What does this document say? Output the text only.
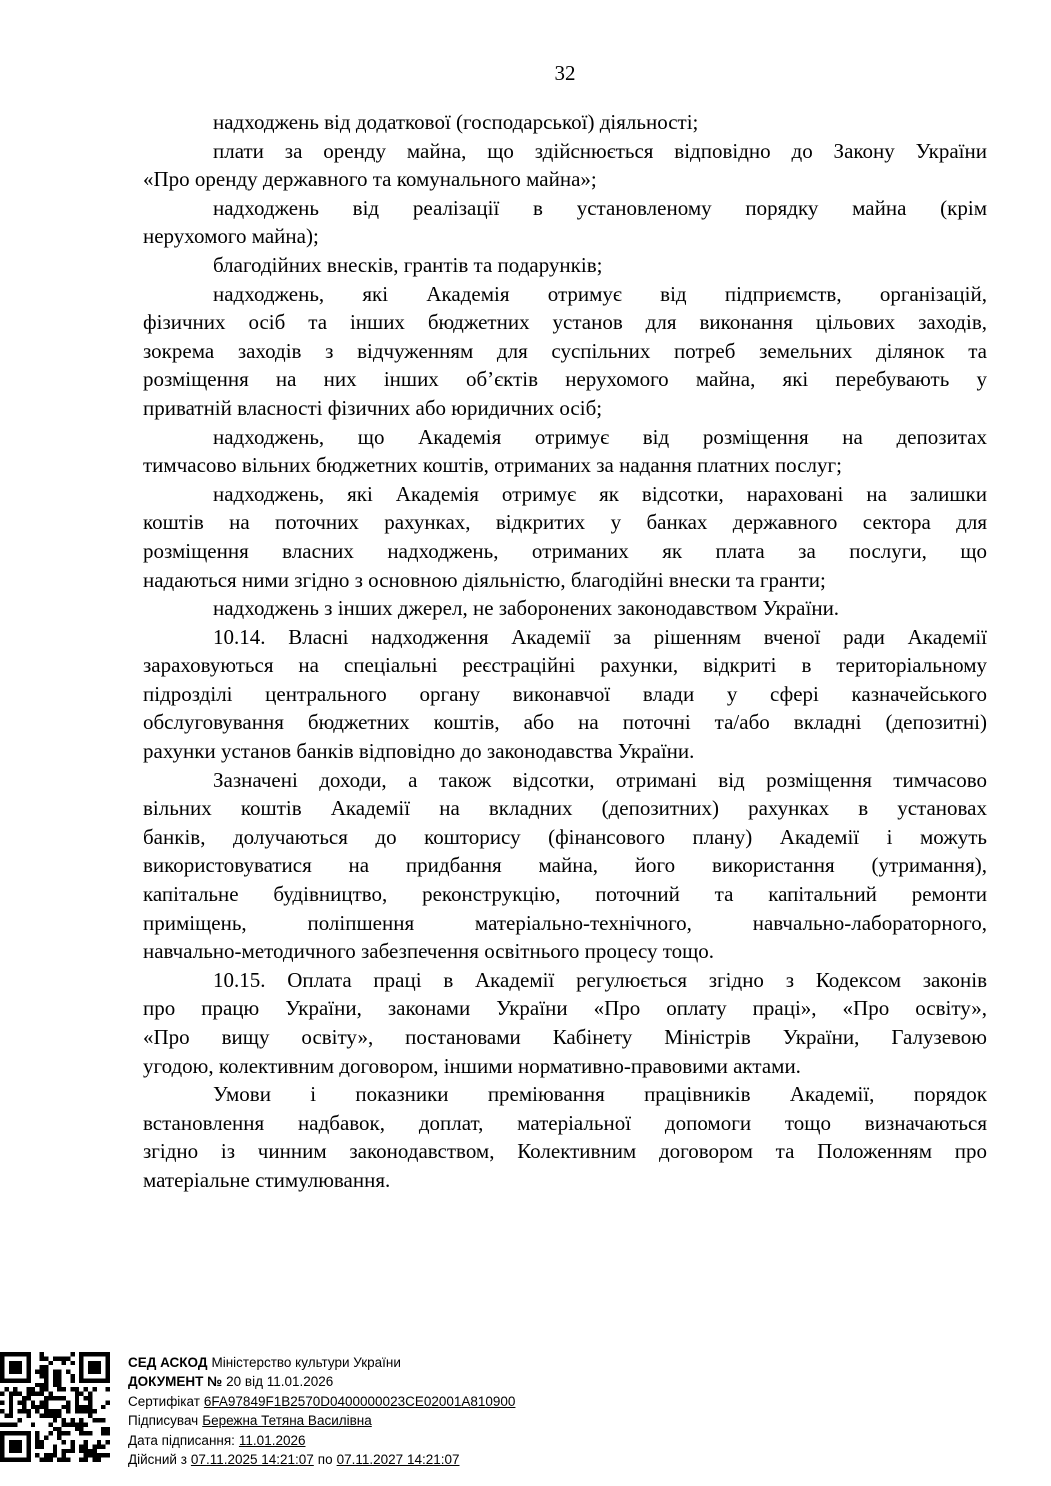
32
надходжень від додаткової (господарської) діяльності;
плати за оренду майна, що здійснюється відповідно до Закону України
«Про оренду державного та комунального майна»;
надходжень від реалізації в установленому порядку майна (крім
нерухомого майна);
благодійних внесків, грантів та подарунків;
надходжень, які Академія отримує від підприємств, організацій,
фізичних осіб та інших бюджетних установ для виконання цільових заходів,
зокрема заходів з відчуженням для суспільних потреб земельних ділянок та
розміщення на них інших об’єктів нерухомого майна, які перебувають у
приватній власності фізичних або юридичних осіб;
надходжень, що Академія отримує від розміщення на депозитах
тимчасово вільних бюджетних коштів, отриманих за надання платних послуг;
надходжень, які Академія отримує як відсотки, нараховані на залишки
коштів на поточних рахунках, відкритих у банках державного сектора для
розміщення власних надходжень, отриманих як плата за послуги, що
надаються ними згідно з основною діяльністю, благодійні внески та гранти;
надходжень з інших джерел, не заборонених законодавством України.
10.14. Власні надходження Академії за рішенням вченої ради Академії
зараховуються на спеціальні реєстраційні рахунки, відкриті в територіальному
підрозділі центрального органу виконавчої влади у сфері казначейського
обслуговування бюджетних коштів, або на поточні та/або вкладні (депозитні)
рахунки установ банків відповідно до законодавства України.
Зазначені доходи, а також відсотки, отримані від розміщення тимчасово
вільних коштів Академії на вкладних (депозитних) рахунках в установах
банків, долучаються до кошторису (фінансового плану) Академії і можуть
використовуватися на придбання майна, його використання (утримання),
капітальне будівництво, реконструкцію, поточний та капітальний ремонти
приміщень, поліпшення матеріально-технічного, навчально-лабораторного,
навчально-методичного забезпечення освітнього процесу тощо.
10.15. Оплата праці в Академії регулюється згідно з Кодексом законів
про працю України, законами України «Про оплату праці», «Про освіту»,
«Про вищу освіту», постановами Кабінету Міністрів України, Галузевою
угодою, колективним договором, іншими нормативно-правовими актами.
Умови і показники преміювання працівників Академії, порядок
встановлення надбавок, доплат, матеріальної допомоги тощо визначаються
згідно із чинним законодавством, Колективним договором та Положенням про
матеріальне стимулювання.
СЕД АСКОД Міністерство культури України
ДОКУМЕНТ № 20 від 11.01.2026
Сертифікат 6FA97849F1B2570D0400000023CE02001A810900
Підписувач Бережна Тетяна Василівна
Дата підписання: 11.01.2026
Дійсний з 07.11.2025 14:21:07 по 07.11.2027 14:21:07
